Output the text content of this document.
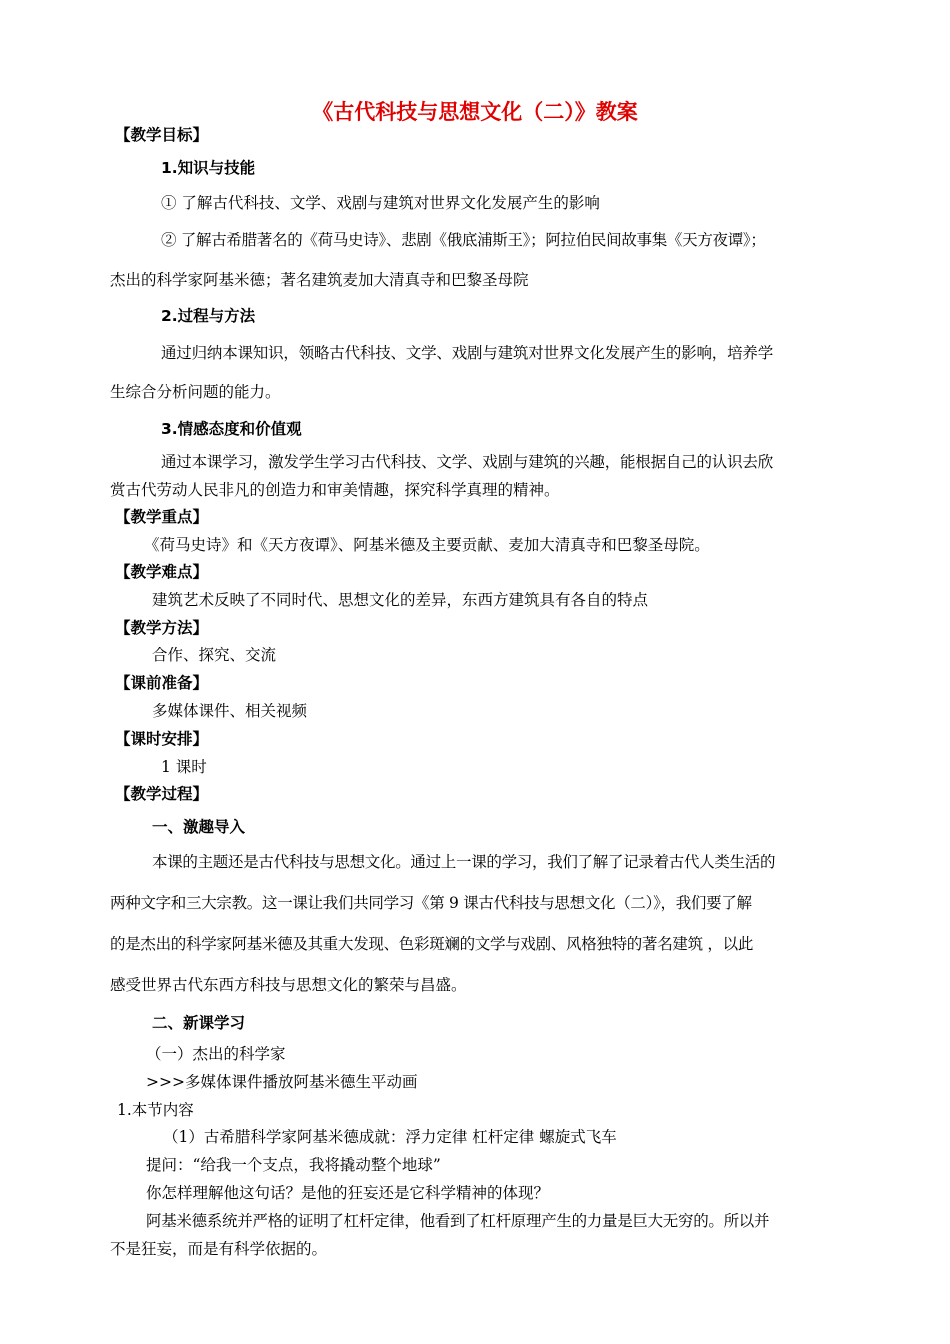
《古代科技与思想文化（二）》教案
【教学目标】
1.知识与技能
① 了解古代科技、文学、戏剧与建筑对世界文化发展产生的影响
② 了解古希腊著名的《荷马史诗》、悲剧《俄底浦斯王》；阿拉伯民间故事集《天方夜谭》；
杰出的科学家阿基米德；著名建筑麦加大清真寺和巴黎圣母院
2.过程与方法
通过归纳本课知识，领略古代科技、文学、戏剧与建筑对世界文化发展产生的影响，培养学
生综合分析问题的能力。
3.情感态度和价值观
通过本课学习，激发学生学习古代科技、文学、戏剧与建筑的兴趣，能根据自己的认识去欣
赏古代劳动人民非凡的创造力和审美情趣，探究科学真理的精神。
【教学重点】
《荷马史诗》和《天方夜谭》、阿基米德及主要贡献、麦加大清真寺和巴黎圣母院。
【教学难点】
建筑艺术反映了不同时代、思想文化的差异，东西方建筑具有各自的特点
【教学方法】
合作、探究、交流
【课前准备】
多媒体课件、相关视频
【课时安排】
1 课时
【教学过程】
一、激趣导入
本课的主题还是古代科技与思想文化。通过上一课的学习，我们了解了记录着古代人类生活的
两种文字和三大宗教。这一课让我们共同学习《第 9 课古代科技与思想文化（二）》，我们要了解
的是杰出的科学家阿基米德及其重大发现、色彩斑斓的文学与戏剧、风格独特的著名建筑 ，以此
感受世界古代东西方科技与思想文化的繁荣与昌盛。
二、新课学习
（一）杰出的科学家
>>>多媒体课件播放阿基米德生平动画
1.本节内容
（1）古希腊科学家阿基米德成就：浮力定律 杠杆定律 螺旋式飞车
提问：“给我一个支点，我将撬动整个地球”
你怎样理解他这句话？是他的狂妄还是它科学精神的体现？
阿基米德系统并严格的证明了杠杆定律，他看到了杠杆原理产生的力量是巨大无穷的。所以并
不是狂妄，而是有科学依据的。
